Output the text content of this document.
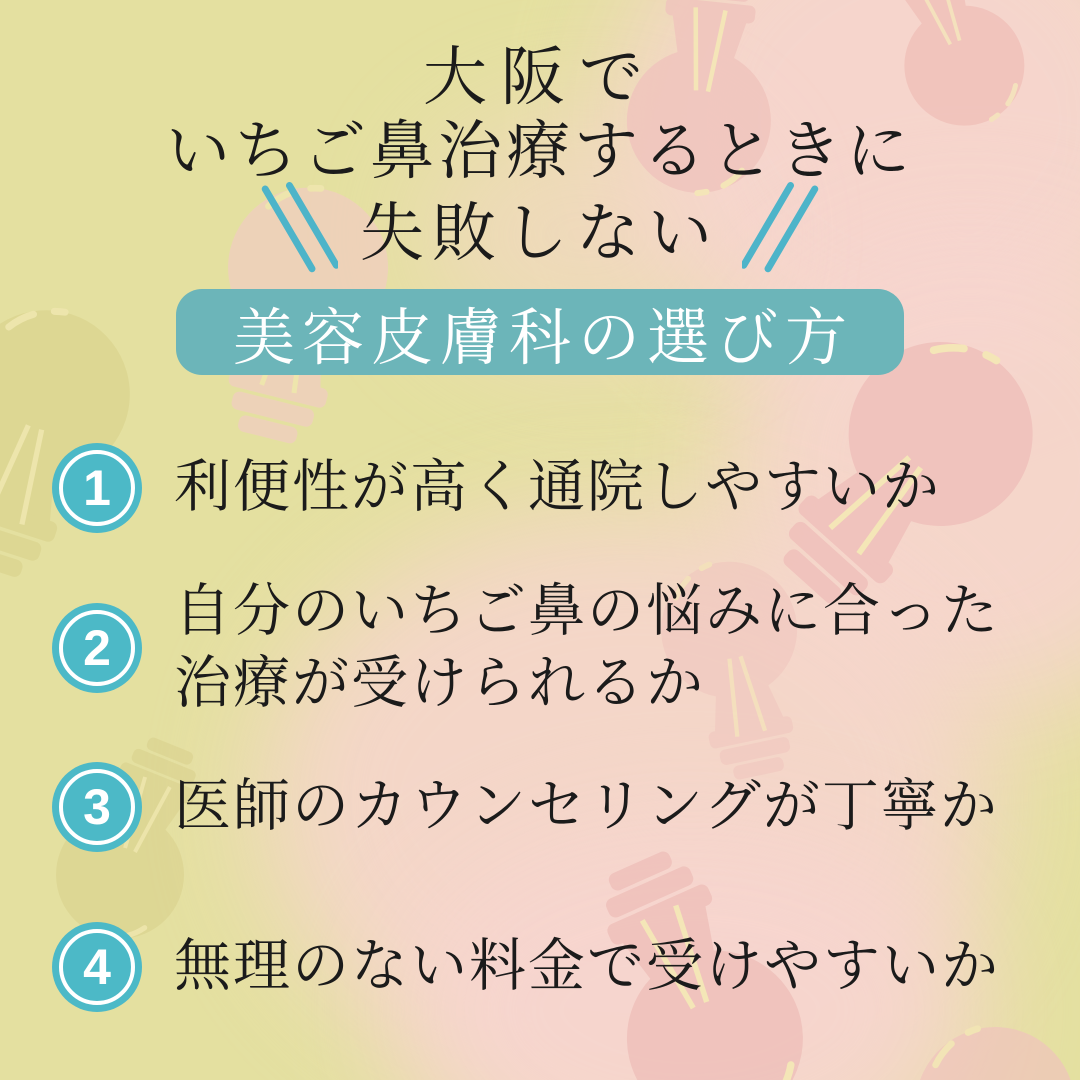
大阪で
いちご鼻治療するときに
失敗しない
美容皮膚科の選び方
1 利便性が高く通院しやすいか
2
自分のいちご鼻の悩みに合った
治療が受けられるか
3 医師のカウンセリングが丁寧か
4 無理のない料金で受けやすいか
